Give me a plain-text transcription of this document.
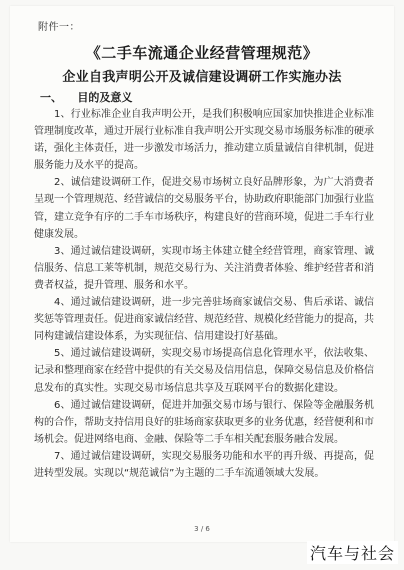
附件一：
《二手车流通企业经营管理规范》
企业自我声明公开及诚信建设调研工作实施办法
一、    目的及意义

1、行业标准企业自我声明公开，是我们积极响应国家加快推进企业标准管理制度改革，通过开展行业标准自我声明公开实现交易市场服务标准的硬承诺，强化主体责任，进一步激发市场活力，推动建立质量诚信自律机制，促进服务能力及水平的提高。

2、诚信建设调研工作，促进交易市场树立良好品牌形象，为广大消费者呈现一个管理规范、经营诚信的交易服务平台，协助政府职能部门加强行业监管，建立竞争有序的二手车市场秩序，构建良好的营商环境，促进二手车行业健康发展。

3、通过诚信建设调研，实现市场主体建立健全经营管理，商家管理、诚信服务、信息工莱等机制，规范交易行为、关注消费者体验、维护经营者和消费者权益，提升管理、服务和水平。

4、通过诚信建设调研，进一步完善驻场商家诚信交易、售后承诺、诚信奖惩等管理责任。促进商家诚信经营、规范经营、规模化经营能力的提高，共同构建诚信建设体系，为实现征信、信用建设打好基础。

5、通过诚信建设调研，实现交易市场提高信息化管理水平，依法收集、记录和整理商家在经营中提供的有关交易及信用信息，保障交易信息及价格信息发布的真实性。实现交易市场信息共享及互联网平台的数据化建设。

6、通过诚信建设调研，促进并加强交易市场与银行、保险等金融服务机构的合作，帮助支持信用良好的驻场商家获取更多的业务优惠，经营便利和市场机会。促进网络电商、金融、保险等二手车相关配套服务融合发展。

7、通过诚信建设调研，实现交易服务功能和水平的再升级、再提高，促进转型发展。实现以“规范诚信”为主题的二手车流通领域大发展。

3 / 6
汽车与社会
